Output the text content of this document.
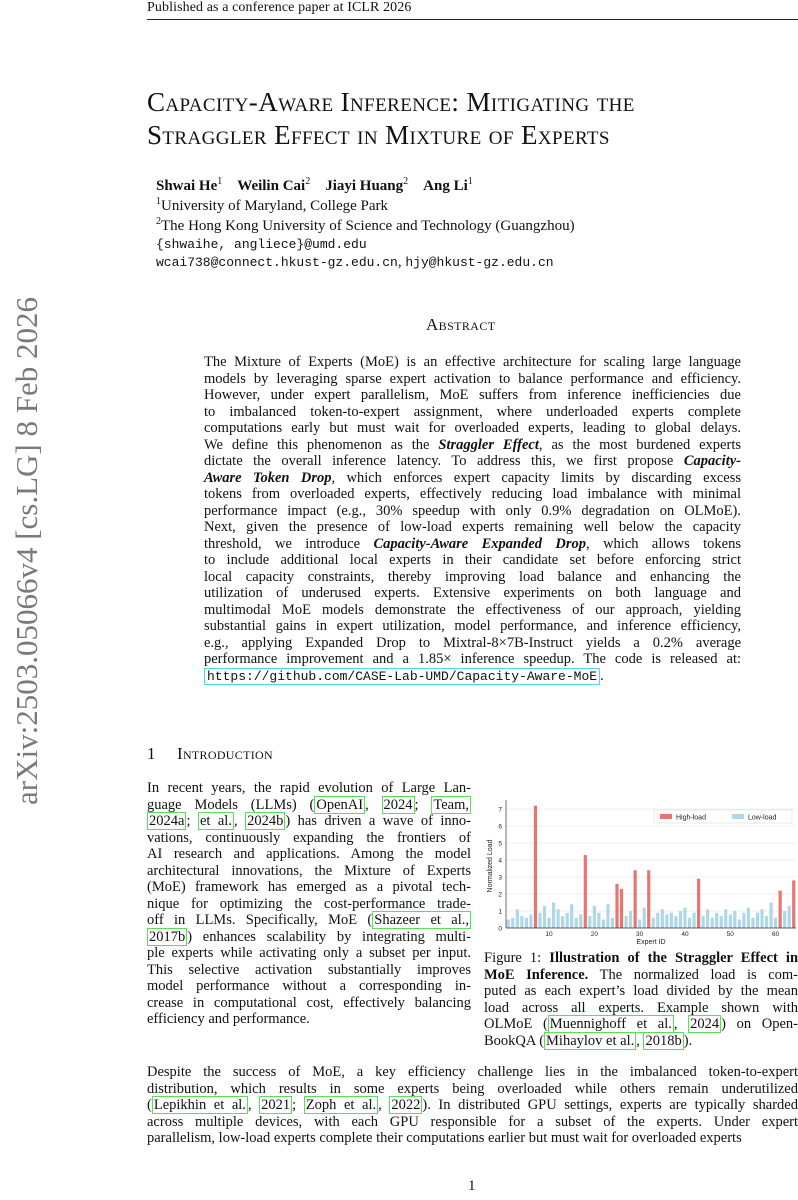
Published as a conference paper at ICLR 2026
arXiv:2503.05066v4 [cs.LG] 8 Feb 2026
Capacity-Aware Inference: Mitigating the
Straggler Effect in Mixture of Experts
Shwai He$^1$ Weilin Cai$^2$ Jiayi Huang$^2$ Ang Li$^1$
$^1$University of Maryland, College Park
$^2$The Hong Kong University of Science and Technology (Guangzhou)
{shwaihe, angliece}@umd.edu
wcai738@connect.hkust-gz.edu.cn, hjy@hkust-gz.edu.cn
Abstract
The Mixture of Experts (MoE) is an effective architecture for scaling large language
models by leveraging sparse expert activation to balance performance and efficiency.
However, under expert parallelism, MoE suffers from inference inefficiencies due
to imbalanced token-to-expert assignment, where underloaded experts complete
computations early but must wait for overloaded experts, leading to global delays.
We define this phenomenon as the Straggler Effect, as the most burdened experts
dictate the overall inference latency. To address this, we first propose Capacity-
Aware Token Drop, which enforces expert capacity limits by discarding excess
tokens from overloaded experts, effectively reducing load imbalance with minimal
performance impact (e.g., 30% speedup with only 0.9% degradation on OLMoE).
Next, given the presence of low-load experts remaining well below the capacity
threshold, we introduce Capacity-Aware Expanded Drop, which allows tokens
to include additional local experts in their candidate set before enforcing strict
local capacity constraints, thereby improving load balance and enhancing the
utilization of underused experts. Extensive experiments on both language and
multimodal MoE models demonstrate the effectiveness of our approach, yielding
substantial gains in expert utilization, model performance, and inference efficiency,
e.g., applying Expanded Drop to Mixtral-8×7B-Instruct yields a 0.2% average
performance improvement and a 1.85× inference speedup. The code is released at:
https://github.com/CASE-Lab-UMD/Capacity-Aware-MoE .
1 Introduction
In recent years, the rapid evolution of Large Lan-
guage Models (LLMs) ( OpenAI , 2024 ; Team,
2024a ; et al. , 2024b ) has driven a wave of inno-
vations, continuously expanding the frontiers of
AI research and applications. Among the model
architectural innovations, the Mixture of Experts
(MoE) framework has emerged as a pivotal tech-
nique for optimizing the cost-performance trade-
off in LLMs. Specifically, MoE ( Shazeer et al.,
2017b ) enhances scalability by integrating multi-
ple experts while activating only a subset per input.
This selective activation substantially improves
model performance without a corresponding in-
crease in computational cost, effectively balancing
efficiency and performance.
0
1
2
3
4
5
6
7
10	20	30	40	50	60
Expert ID
Normalized Load
High-load	Low-load
Figure 1: Illustration of the Straggler Effect in
MoE Inference. The normalized load is com-
puted as each expert’s load divided by the mean
load across all experts. Example shown with
OLMoE ( Muennighoff et al. , 2024 ) on Open-
BookQA ( Mihaylov et al. , 2018b ).
Despite the success of MoE, a key efficiency challenge lies in the imbalanced token-to-expert
distribution, which results in some experts being overloaded while others remain underutilized
( Lepikhin et al. , 2021 ; Zoph et al. , 2022 ). In distributed GPU settings, experts are typically sharded
across multiple devices, with each GPU responsible for a subset of the experts. Under expert
parallelism, low-load experts complete their computations earlier but must wait for overloaded experts
1
